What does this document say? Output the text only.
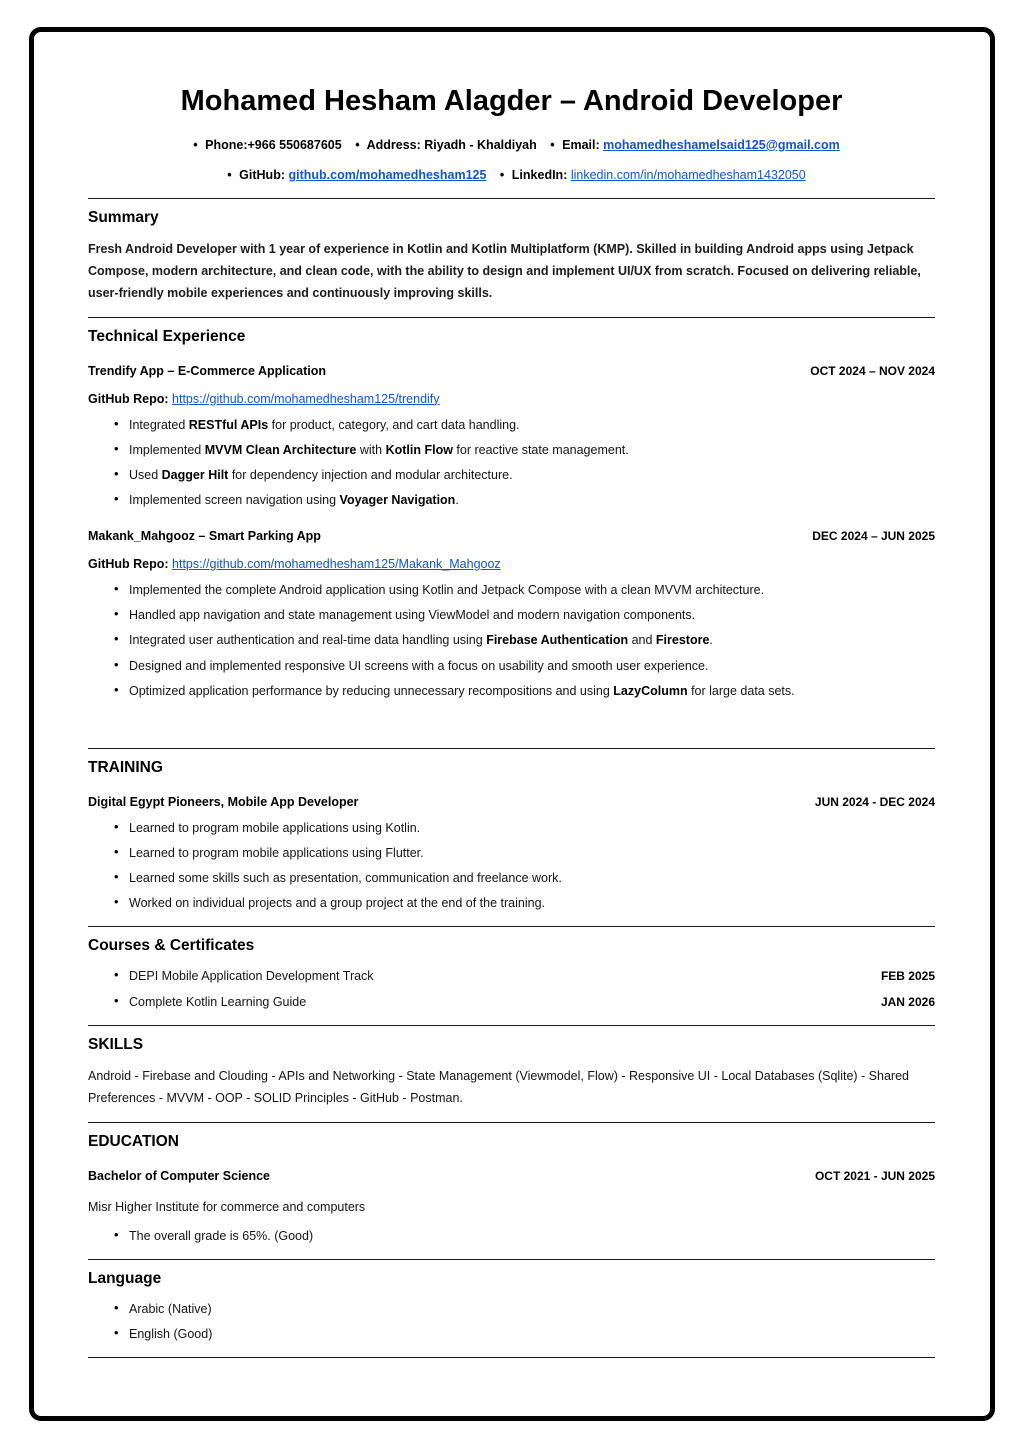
Mohamed Hesham Alagder – Android Developer
• Phone:+966 550687605 • Address: Riyadh - Khaldiyah • Email: mohamedheshamelsaid125@gmail.com
• GitHub: github.com/mohamedhesham125 • LinkedIn: linkedin.com/in/mohamedhesham1432050
Summary

Fresh Android Developer with 1 year of experience in Kotlin and Kotlin Multiplatform (KMP). Skilled in building Android apps using Jetpack Compose, modern architecture, and clean code, with the ability to design and implement UI/UX from scratch. Focused on delivering reliable, user-friendly mobile experiences and continuously improving skills.

Technical Experience
Trendify App – E-Commerce Application	OCT 2024 – NOV 2024
GitHub Repo: https://github.com/mohamedhesham125/trendify
• Integrated RESTful APIs for product, category, and cart data handling.
• Implemented MVVM Clean Architecture with Kotlin Flow for reactive state management.
• Used Dagger Hilt for dependency injection and modular architecture.
• Implemented screen navigation using Voyager Navigation.
Makank_Mahgooz – Smart Parking App	DEC 2024 – JUN 2025
GitHub Repo: https://github.com/mohamedhesham125/Makank_Mahgooz
• Implemented the complete Android application using Kotlin and Jetpack Compose with a clean MVVM architecture.
• Handled app navigation and state management using ViewModel and modern navigation components.
• Integrated user authentication and real-time data handling using Firebase Authentication and Firestore.
• Designed and implemented responsive UI screens with a focus on usability and smooth user experience.
• Optimized application performance by reducing unnecessary recompositions and using LazyColumn for large data sets.
TRAINING
Digital Egypt Pioneers, Mobile App Developer	JUN 2024 - DEC 2024
• Learned to program mobile applications using Kotlin.
• Learned to program mobile applications using Flutter.
• Learned some skills such as presentation, communication and freelance work.
• Worked on individual projects and a group project at the end of the training.
Courses & Certificates
• DEPI Mobile Application Development Track	FEB 2025
• Complete Kotlin Learning Guide	JAN 2026
SKILLS

Android - Firebase and Clouding - APIs and Networking - State Management (Viewmodel, Flow) - Responsive UI - Local Databases (Sqlite) - Shared Preferences - MVVM - OOP - SOLID Principles - GitHub - Postman.

EDUCATION
Bachelor of Computer Science	OCT 2021 - JUN 2025

Misr Higher Institute for commerce and computers

• The overall grade is 65%. (Good)
Language
• Arabic (Native)
• English (Good)
